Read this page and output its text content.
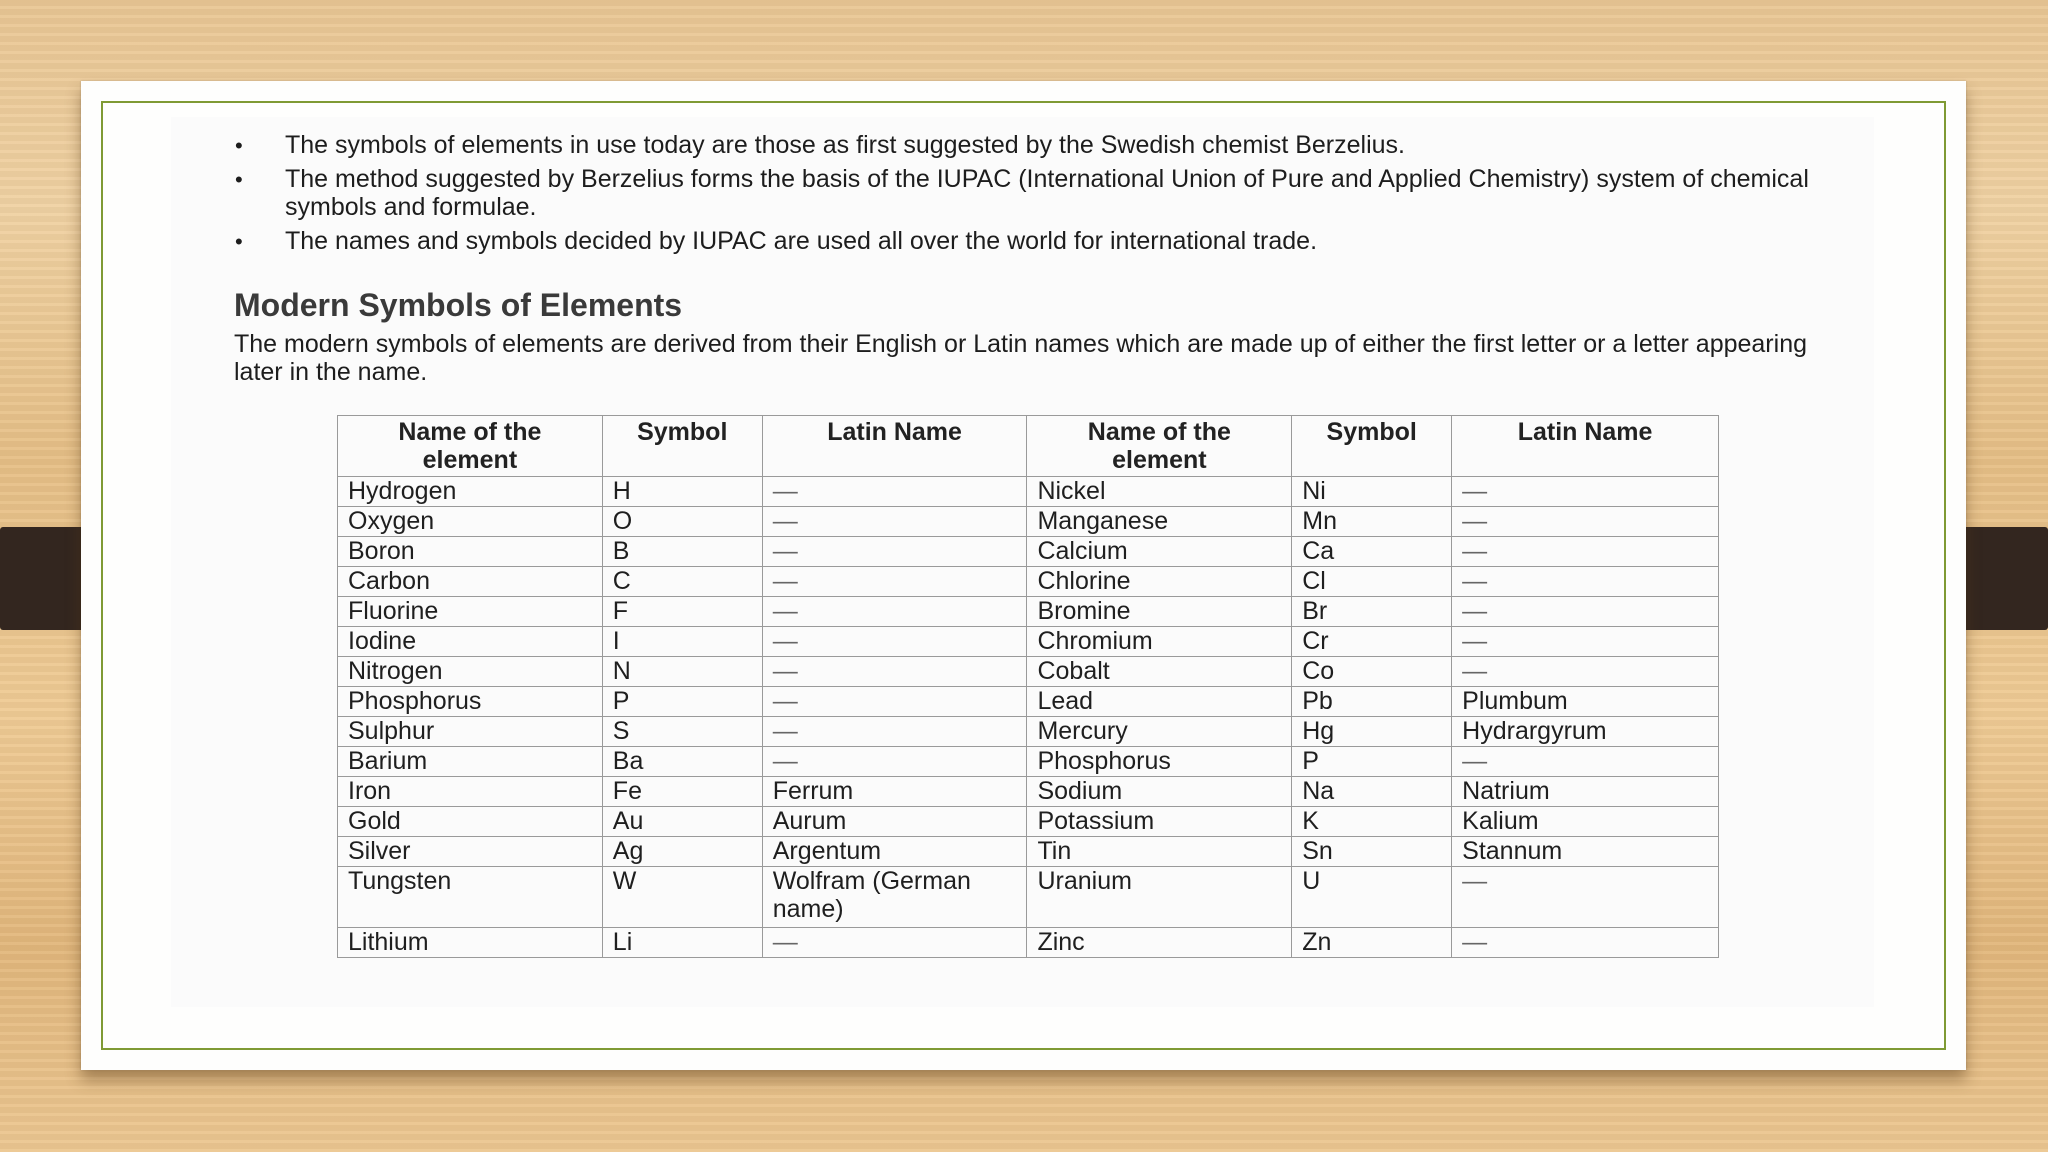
• The symbols of elements in use today are those as first suggested by the Swedish chemist Berzelius.
• The method suggested by Berzelius forms the basis of the IUPAC (International Union of Pure and Applied Chemistry) system of chemical symbols and formulae.
• The names and symbols decided by IUPAC are used all over the world for international trade.
Modern Symbols of Elements

The modern symbols of elements are derived from their English or Latin names which are made up of either the first letter or a letter appearing later in the name.

Name of the element	Symbol	Latin Name	Name of the element	Symbol	Latin Name
Hydrogen	H	—	Nickel	Ni	—
Oxygen	O	—	Manganese	Mn	—
Boron	B	—	Calcium	Ca	—
Carbon	C	—	Chlorine	Cl	—
Fluorine	F	—	Bromine	Br	—
Iodine	I	—	Chromium	Cr	—
Nitrogen	N	—	Cobalt	Co	—
Phosphorus	P	—	Lead	Pb	Plumbum
Sulphur	S	—	Mercury	Hg	Hydrargyrum
Barium	Ba	—	Phosphorus	P	—
Iron	Fe	Ferrum	Sodium	Na	Natrium
Gold	Au	Aurum	Potassium	K	Kalium
Silver	Ag	Argentum	Tin	Sn	Stannum
Tungsten	W	Wolfram (German name)	Uranium	U	—
Lithium	Li	—	Zinc	Zn	—
